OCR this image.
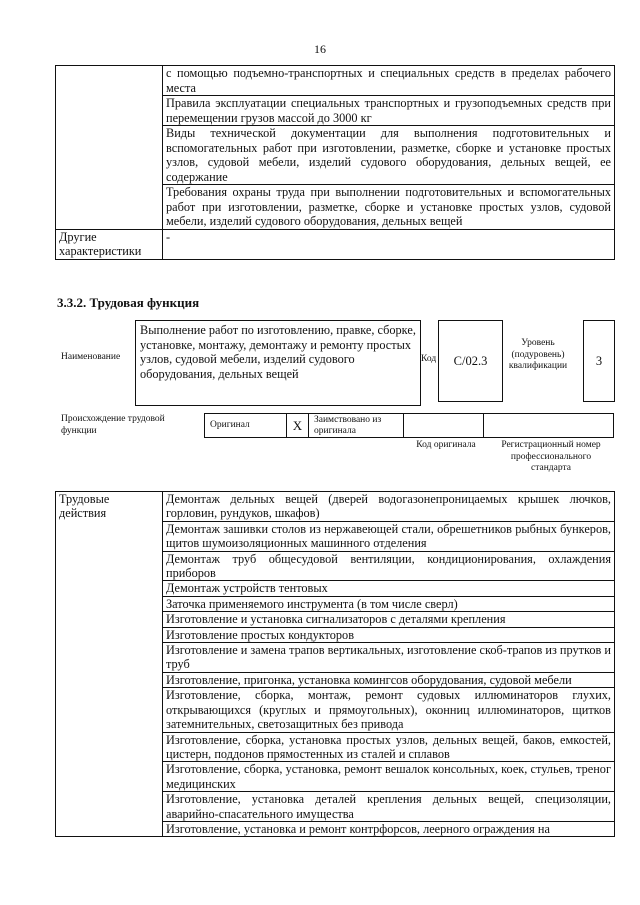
16
	с помощью подъемно-транспортных и специальных средств в пределах рабочего места
	Правила эксплуатации специальных транспортных и грузоподъемных средств при перемещении грузов массой до 3000 кг
	Виды технической документации для выполнения подготовительных и вспомогательных работ при изготовлении, разметке, сборке и установке простых узлов, судовой мебели, изделий судового оборудования, дельных вещей, ее содержание
	Требования охраны труда при выполнении подготовительных и вспомогательных работ при изготовлении, разметке, сборке и установке простых узлов, судовой мебели, изделий судового оборудования, дельных вещей
Другие характеристики	-
3.3.2. Трудовая функция
Наименование
Выполнение работ по изготовлению, правке, сборке, установке, монтажу, демонтажу и ремонту простых узлов, судовой мебели, изделий судового оборудования, дельных вещей
Код	C/02.3
Уровень (подуровень) квалификации	3
Происхождение трудовой функции
Оригинал	X	Заимствовано из оригинала		
Код оригинала	Регистрационный номер профессионального стандарта
Трудовые действия	Демонтаж дельных вещей (дверей водогазонепроницаемых крышек лючков, горловин, рундуков, шкафов)
Демонтаж зашивки столов из нержавеющей стали, обрешетников рыбных бункеров, щитов шумоизоляционных машинного отделения
Демонтаж труб общесудовой вентиляции, кондиционирования, охлаждения приборов
Демонтаж устройств тентовых
Заточка применяемого инструмента (в том числе сверл)
Изготовление и установка сигнализаторов с деталями крепления
Изготовление простых кондукторов
Изготовление и замена трапов вертикальных, изготовление скоб-трапов из прутков и труб
Изготовление, пригонка, установка комингсов оборудования, судовой мебели
Изготовление, сборка, монтаж, ремонт судовых иллюминаторов глухих, открывающихся (круглых и прямоугольных), оконниц иллюминаторов, щитков затемнительных, светозащитных без привода
Изготовление, сборка, установка простых узлов, дельных вещей, баков, емкостей, цистерн, поддонов прямостенных из сталей и сплавов
Изготовление, сборка, установка, ремонт вешалок консольных, коек, стульев, треног медицинских
Изготовление, установка деталей крепления дельных вещей, специзоляции, аварийно-спасательного имущества
Изготовление, установка и ремонт контрфорсов, леерного ограждения на
